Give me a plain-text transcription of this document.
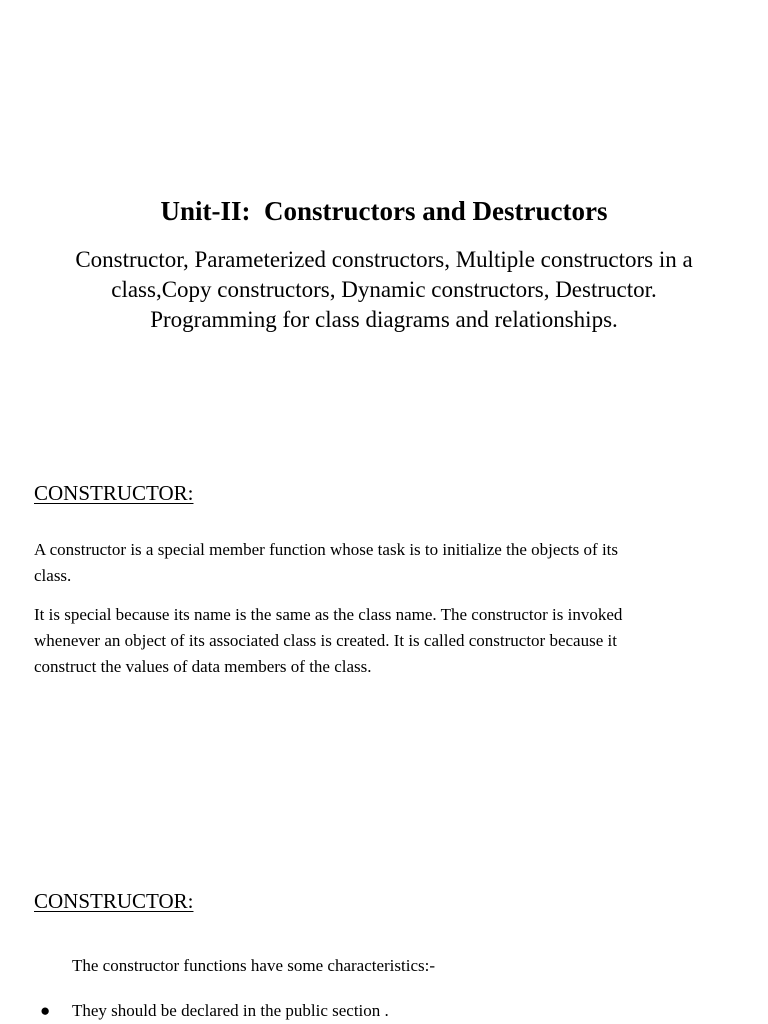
Unit-II:  Constructors and Destructors
Constructor, Parameterized constructors, Multiple constructors in a
class,Copy constructors, Dynamic constructors, Destructor.
Programming for class diagrams and relationships.
CONSTRUCTOR:

A constructor is a special member function whose task is to initialize the objects of its
class.

It is special because its name is the same as the class name. The constructor is invoked
whenever an object of its associated class is created. It is called constructor because it
construct the values of data members of the class.

CONSTRUCTOR:
The constructor functions have some characteristics:-
● They should be declared in the public section .
